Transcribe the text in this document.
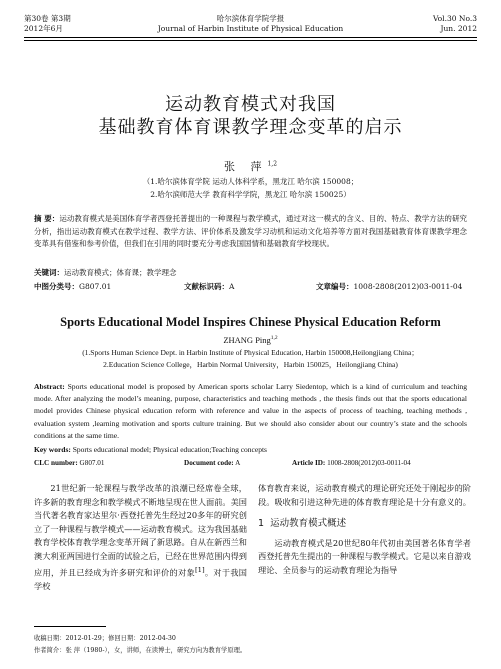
第30卷 第3期
2012年6月
哈尔滨体育学院学报
Journal of Harbin Institute of Physical Education
Vol.30 No.3
Jun. 2012
运动教育模式对我国
基础教育体育课教学理念变革的启示
张 萍$^{1,2}$
（1.哈尔滨体育学院 运动人体科学系，黑龙江 哈尔滨 150008；
2.哈尔滨师范大学 教育科学学院，黑龙江 哈尔滨 150025）
摘 要：运动教育模式是美国体育学者西登托普提出的一种课程与教学模式，通过对这一模式的含义、目的、特点、教学方法的研究分析，指出运动教育模式在教学过程、教学方法、评价体系及激发学习动机和运动文化培养等方面对我国基础教育体育课教学理念变革具有借鉴和参考价值，但我们在引用的同时要充分考虑我国国情和基础教育学校现状。
关键词：运动教育模式；体育课；教学理念
中图分类号：G807.01	文献标识码：A	文章编号：1008-2808(2012)03-0011-04
Sports Educational Model Inspires Chinese Physical Education Reform
ZHANG Ping$^{1,2}$
(1.Sports Human Science Dept. in Harbin Institute of Physical Education, Harbin 150008,Heilongjiang China；
2.Education Science College，Harbin Normal University，Harbin 150025，Heilongjiang China)
Abstract: Sports educational model is proposed by American sports scholar Larry Siedentop, which is a kind of curriculum and teaching mode. After analyzing the model’s meaning, purpose, characteristics and teaching methods , the thesis finds out that the sports educational model provides Chinese physical education reform with reference and value in the aspects of process of teaching, teaching methods , evaluation system ,learning motivation and sports culture training. But we should also consider about our country’s state and the schools conditions at the same time.
Key words: Sports educational model; Physical education;Teaching concepts
CLC number: G807.01	Document code: A	Article ID: 1008-2808(2012)03-0011-04

21世纪新一轮课程与教学改革的浪潮已经席卷全球，许多新的教育理念和教学模式不断地呈现在世人面前。美国当代著名教育家达里尔·西登托普先生经过20多年的研究创立了一种课程与教学模式——运动教育模式。这为我国基础教育学校体育教学理念变革开阔了新思路。自从在新西兰和澳大利亚两国进行全面的试验之后，已经在世界范围内得到应用，并且已经成为许多研究和评价的对象[1]。对于我国学校

体育教育来说，运动教育模式的理论研究还处于刚起步的阶段。吸收和引进这种先进的体育教育理论是十分有意义的。

1 运动教育模式概述

运动教育模式是20世纪80年代初由美国著名体育学者西登托普先生提出的一种课程与教学模式。它是以来自游戏理论、全员参与的运动教育理论为指导

收稿日期：2012-01-29；修回日期：2012-04-30
作者简介：张 萍（1980-），女，讲师，在读博士，研究方向为教育学原理。
